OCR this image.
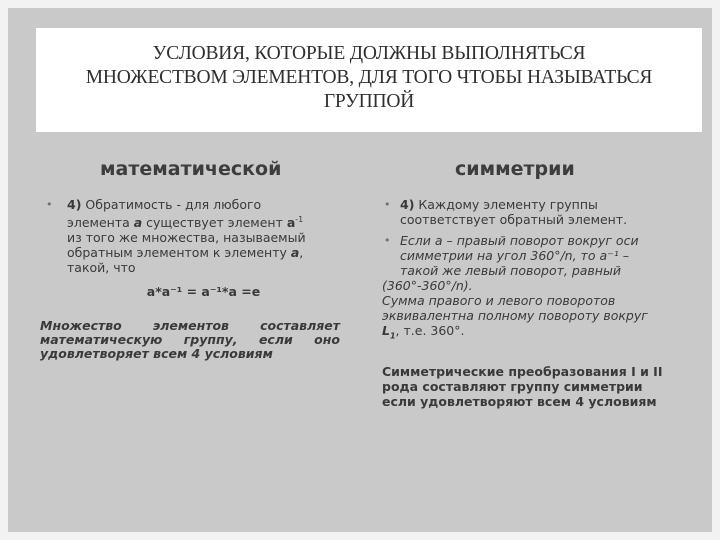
УСЛОВИЯ, КОТОРЫЕ ДОЛЖНЫ ВЫПОЛНЯТЬСЯ
МНОЖЕСТВОМ ЭЛЕМЕНТОВ, ДЛЯ ТОГО ЧТОБЫ НАЗЫВАТЬСЯ
ГРУППОЙ
математической	симметрии
• 4) Обратимость - для любого
элемента a существует элемент $a^{-1}$
из того же множества, называемый
обратным элементом к элементу a,
такой, что
a*a⁻¹ = a⁻¹*a =e
Множество элементов составляет математическую группу, если оно удовлетворяет всем 4 условиям
• 4) Каждому элементу группы
соответствует обратный элемент.
• Если a – правый поворот вокруг оси
симметрии на угол 360°/n, то a⁻¹ –
такой же левый поворот, равный
(360°-360°/n).
Сумма правого и левого поворотов
эквивалентна полному повороту вокруг
$L_1$, т.е. 360°.
Симметрические преобразования I и II
рода составляют группу симметрии
если удовлетворяют всем 4 условиям
